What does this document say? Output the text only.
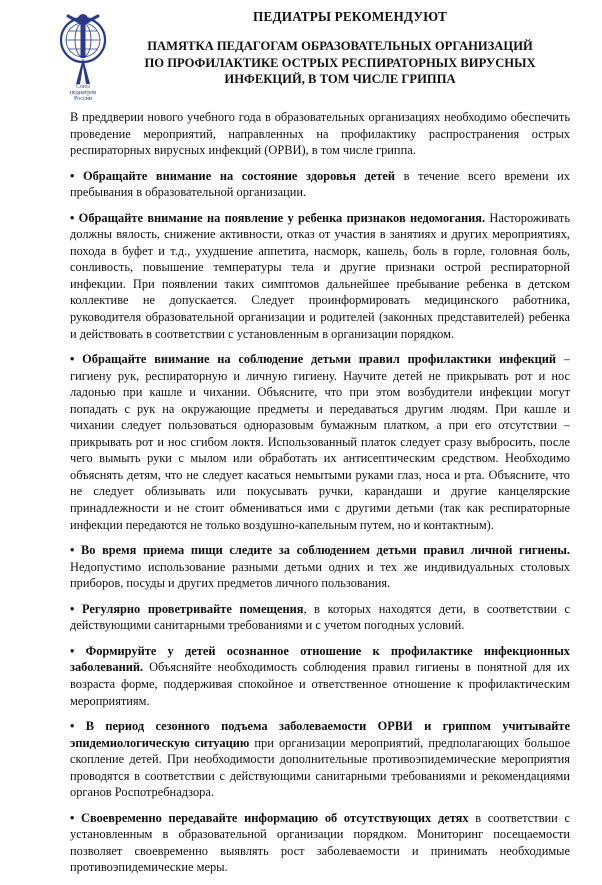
Союз
педиатров
России
ПЕДИАТРЫ РЕКОМЕНДУЮТ
ПАМЯТКА ПЕДАГОГАМ ОБРАЗОВАТЕЛЬНЫХ ОРГАНИЗАЦИЙ
ПО ПРОФИЛАКТИКЕ ОСТРЫХ РЕСПИРАТОРНЫХ ВИРУСНЫХ
ИНФЕКЦИЙ, В ТОМ ЧИСЛЕ ГРИППА

В преддверии нового учебного года в образовательных организациях необходимо обеспечить проведение мероприятий, направленных на профилактику распространения острых респираторных вирусных инфекций (ОРВИ), в том числе гриппа.

• Обращайте внимание на состояние здоровья детей в течение всего времени их пребывания в образовательной организации.

• Обращайте внимание на появление у ребенка признаков недомогания. Настороживать должны вялость, снижение активности, отказ от участия в занятиях и других мероприятиях, похода в буфет и т.д., ухудшение аппетита, насморк, кашель, боль в горле, головная боль, сонливость, повышение температуры тела и другие признаки острой респираторной инфекции. При появлении таких симптомов дальнейшее пребывание ребенка в детском коллективе не допускается. Следует проинформировать медицинского работника, руководителя образовательной организации и родителей (законных представителей) ребенка и действовать в соответствии с установленным в организации порядком.

• Обращайте внимание на соблюдение детьми правил профилактики инфекций – гигиену рук, респираторную и личную гигиену. Научите детей не прикрывать рот и нос ладонью при кашле и чихании. Объясните, что при этом возбудители инфекции могут попадать с рук на окружающие предметы и передаваться другим людям. При кашле и чихании следует пользоваться одноразовым бумажным платком, а при его отсутствии – прикрывать рот и нос сгибом локтя. Использованный платок следует сразу выбросить, после чего вымыть руки с мылом или обработать их антисептическим средством. Необходимо объяснять детям, что не следует касаться немытыми руками глаз, носа и рта. Объясните, что не следует облизывать или покусывать ручки, карандаши и другие канцелярские принадлежности и не стоит обмениваться ими с другими детьми (так как респираторные инфекции передаются не только воздушно-капельным путем, но и контактным).

• Во время приема пищи следите за соблюдением детьми правил личной гигиены. Недопустимо использование разными детьми одних и тех же индивидуальных столовых приборов, посуды и других предметов личного пользования.

• Регулярно проветривайте помещения, в которых находятся дети, в соответствии с действующими санитарными требованиями и с учетом погодных условий.

• Формируйте у детей осознанное отношение к профилактике инфекционных заболеваний. Объясняйте необходимость соблюдения правил гигиены в понятной для их возраста форме, поддерживая спокойное и ответственное отношение к профилактическим мероприятиям.

• В период сезонного подъема заболеваемости ОРВИ и гриппом учитывайте эпидемиологическую ситуацию при организации мероприятий, предполагающих большое скопление детей. При необходимости дополнительные противоэпидемические мероприятия проводятся в соответствии с действующими санитарными требованиями и рекомендациями органов Роспотребнадзора.

• Своевременно передавайте информацию об отсутствующих детях в соответствии с установленным в образовательной организации порядком. Мониторинг посещаемости позволяет своевременно выявлять рост заболеваемости и принимать необходимые противоэпидемические меры.
